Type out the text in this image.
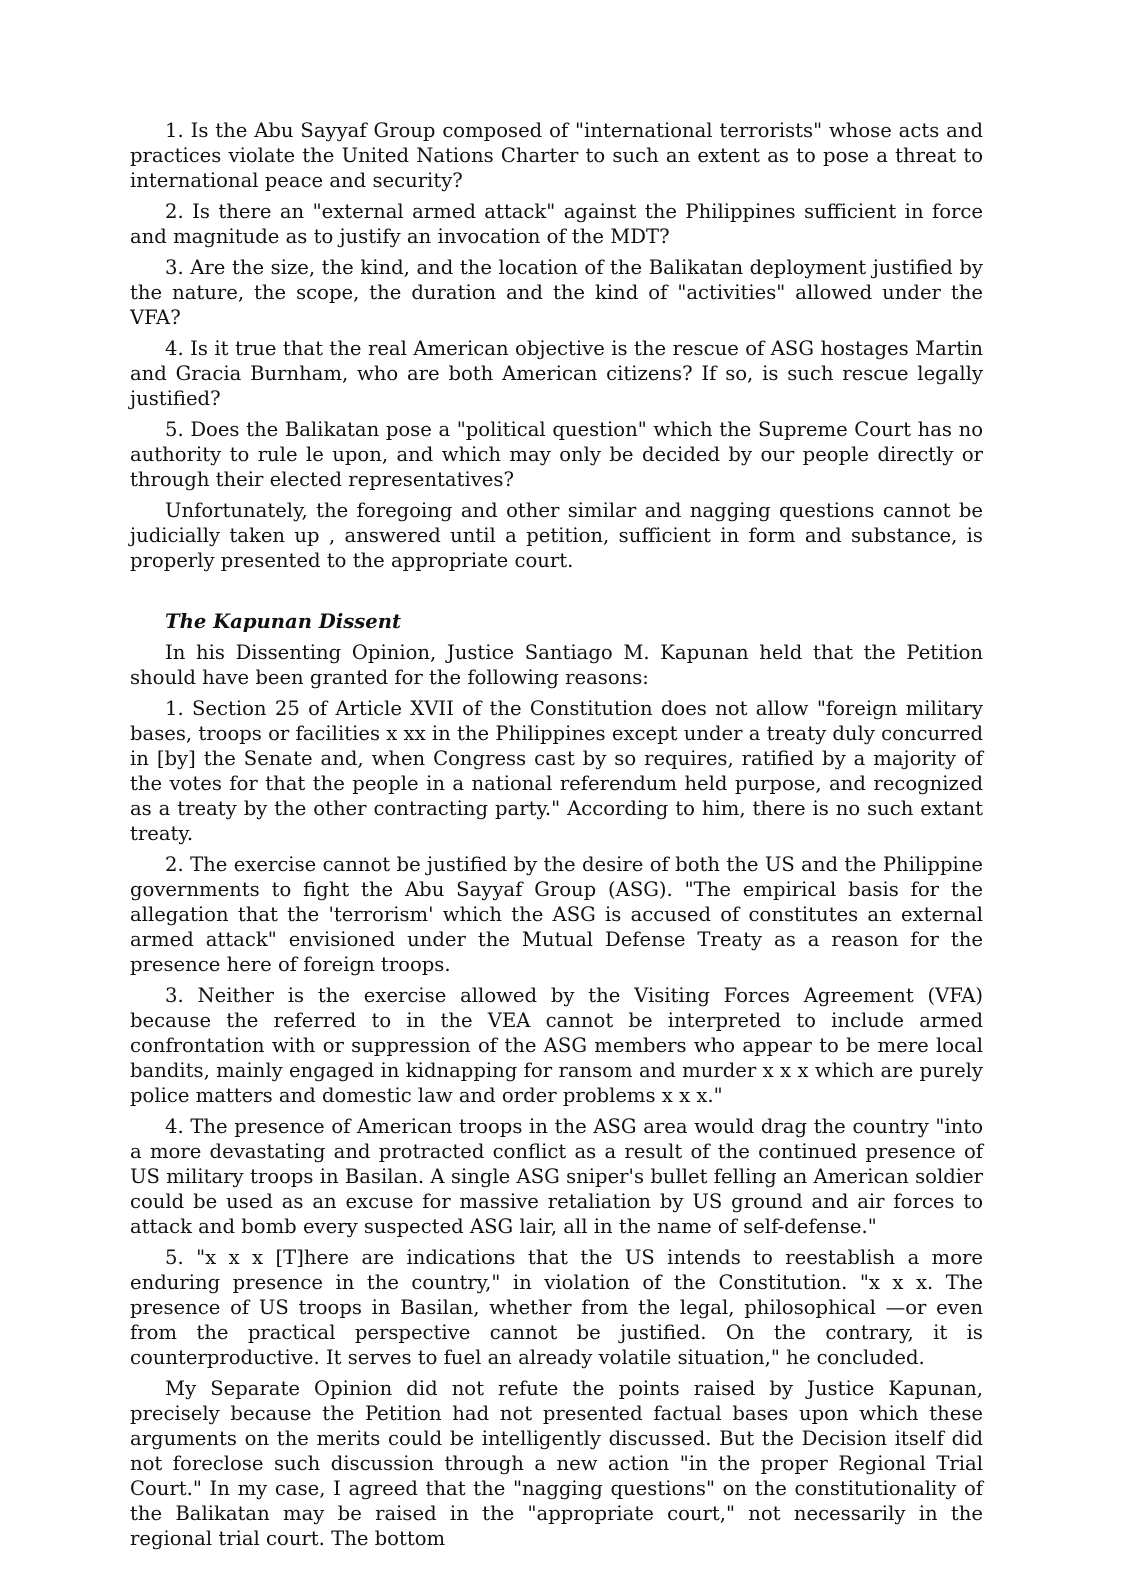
1. Is the Abu Sayyaf Group composed of "international terrorists" whose acts and practices violate the United Nations Charter to such an extent as to pose a threat to international peace and security?

2. Is there an "external armed attack" against the Philippines sufficient in force and magnitude as to justify an invocation of the MDT?

3. Are the size, the kind, and the location of the Balikatan deployment justified by the nature, the scope, the duration and the kind of "activities" allowed under the VFA?

4. Is it true that the real American objective is the rescue of ASG hostages Martin and Gracia Burnham, who are both American citizens? If so, is such rescue legally justified?

5. Does the Balikatan pose a "political question" which the Supreme Court has no authority to rule le upon, and which may only be decided by our people directly or through their elected representatives?

Unfortunately, the foregoing and other similar and nagging questions cannot be judicially taken up , answered until a petition, sufficient in form and substance, is properly presented to the appropriate court.

The Kapunan Dissent

In his Dissenting Opinion, Justice Santiago M. Kapunan held that the Petition should have been granted for the following reasons:

1. Section 25 of Article XVII of the Constitution does not allow "foreign military bases, troops or facilities x xx in the Philippines except under a treaty duly concurred in [by] the Senate and, when Congress cast by so requires, ratified by a majority of the votes for that the people in a national referendum held purpose, and recognized as a treaty by the other contracting party." According to him, there is no such extant treaty.

2. The exercise cannot be justified by the desire of both the US and the Philippine governments to fight the Abu Sayyaf Group (ASG). "The empirical basis for the allegation that the 'terrorism' which the ASG is accused of constitutes an external armed attack" envisioned under the Mutual Defense Treaty as a reason for the presence here of foreign troops.

3. Neither is the exercise allowed by the Visiting Forces Agreement (VFA) because the referred to in the VEA cannot be interpreted to include armed confrontation with or suppression of the ASG members who appear to be mere local bandits, mainly engaged in kidnapping for ransom and murder x x x which are purely police matters and domestic law and order problems x x x."

4. The presence of American troops in the ASG area would drag the country "into a more devastating and protracted conflict as a result of the continued presence of US military troops in Basilan. A single ASG sniper's bullet felling an American soldier could be used as an excuse for massive retaliation by US ground and air forces to attack and bomb every suspected ASG lair, all in the name of self-defense."

5. "x x x [T]here are indications that the US intends to reestablish a more enduring presence in the country," in violation of the Constitution. "x x x. The presence of US troops in Basilan, whether from the legal, philosophical —or even from the practical perspective cannot be justified. On the contrary, it is counterproductive. It serves to fuel an already volatile situation," he concluded.

My Separate Opinion did not refute the points raised by Justice Kapunan, precisely because the Petition had not presented factual bases upon which these arguments on the merits could be intelligently discussed. But the Decision itself did not foreclose such discussion through a new action "in the proper Regional Trial Court." In my case, I agreed that the "nagging questions" on the constitutionality of the Balikatan may be raised in the "appropriate court," not necessarily in the regional trial court. The bottom
